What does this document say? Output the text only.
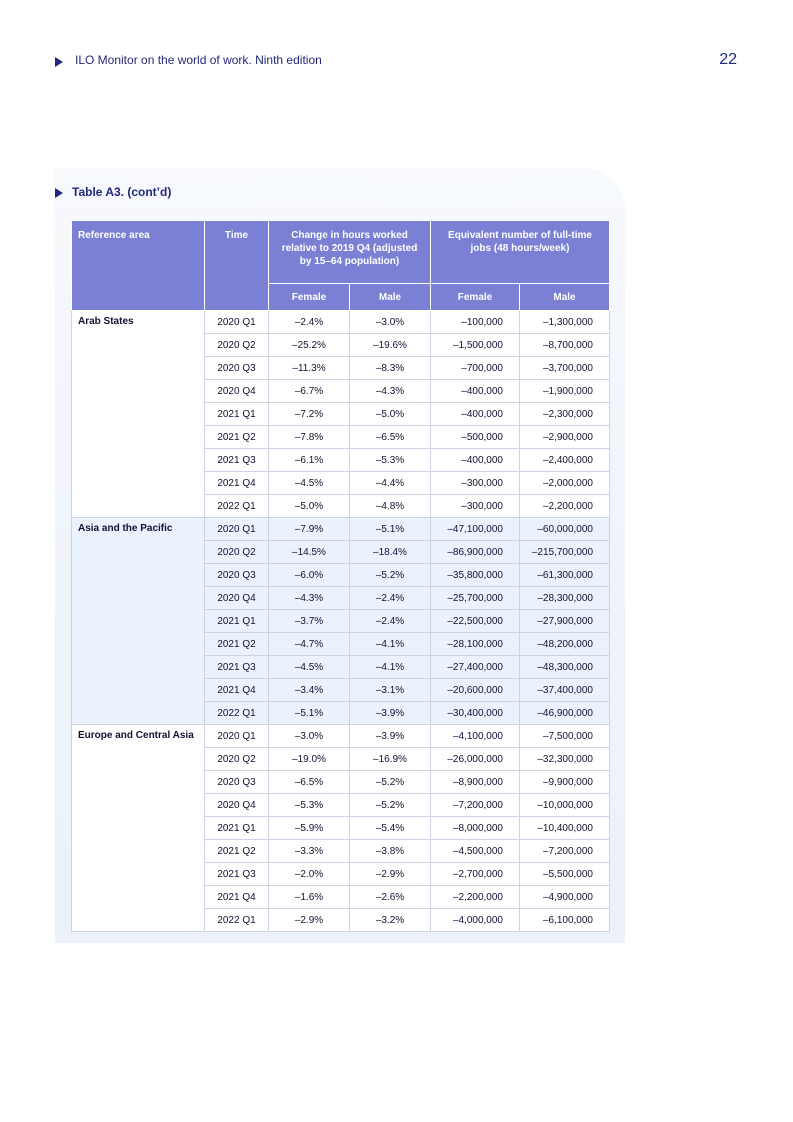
ILO Monitor on the world of work. Ninth edition	22
Table A3. (cont’d)
Reference area	Time	Change in hours worked relative to 2019 Q4 (adjusted by 15–64 population)		Equivalent number of full-time jobs (48 hours/week)	
		Female	Male	Female	Male
Arab States	2020 Q1	–2.4%	–3.0%	–100,000	–1,300,000
	2020 Q2	–25.2%	–19.6%	–1,500,000	–8,700,000
	2020 Q3	–11.3%	–8.3%	–700,000	–3,700,000
	2020 Q4	–6.7%	–4.3%	–400,000	–1,900,000
	2021 Q1	–7.2%	–5.0%	–400,000	–2,300,000
	2021 Q2	–7.8%	–6.5%	–500,000	–2,900,000
	2021 Q3	–6.1%	–5.3%	–400,000	–2,400,000
	2021 Q4	–4.5%	–4.4%	–300,000	–2,000,000
	2022 Q1	–5.0%	–4.8%	–300,000	–2,200,000
Asia and the Pacific	2020 Q1	–7.9%	–5.1%	–47,100,000	–60,000,000
	2020 Q2	–14.5%	–18.4%	–86,900,000	–215,700,000
	2020 Q3	–6.0%	–5.2%	–35,800,000	–61,300,000
	2020 Q4	–4.3%	–2.4%	–25,700,000	–28,300,000
	2021 Q1	–3.7%	–2.4%	–22,500,000	–27,900,000
	2021 Q2	–4.7%	–4.1%	–28,100,000	–48,200,000
	2021 Q3	–4.5%	–4.1%	–27,400,000	–48,300,000
	2021 Q4	–3.4%	–3.1%	–20,600,000	–37,400,000
	2022 Q1	–5.1%	–3.9%	–30,400,000	–46,900,000
Europe and Central Asia	2020 Q1	–3.0%	–3.9%	–4,100,000	–7,500,000
	2020 Q2	–19.0%	–16.9%	–26,000,000	–32,300,000
	2020 Q3	–6.5%	–5.2%	–8,900,000	–9,900,000
	2020 Q4	–5.3%	–5.2%	–7,200,000	–10,000,000
	2021 Q1	–5.9%	–5.4%	–8,000,000	–10,400,000
	2021 Q2	–3.3%	–3.8%	–4,500,000	–7,200,000
	2021 Q3	–2.0%	–2.9%	–2,700,000	–5,500,000
	2021 Q4	–1.6%	–2.6%	–2,200,000	–4,900,000
	2022 Q1	–2.9%	–3.2%	–4,000,000	–6,100,000
